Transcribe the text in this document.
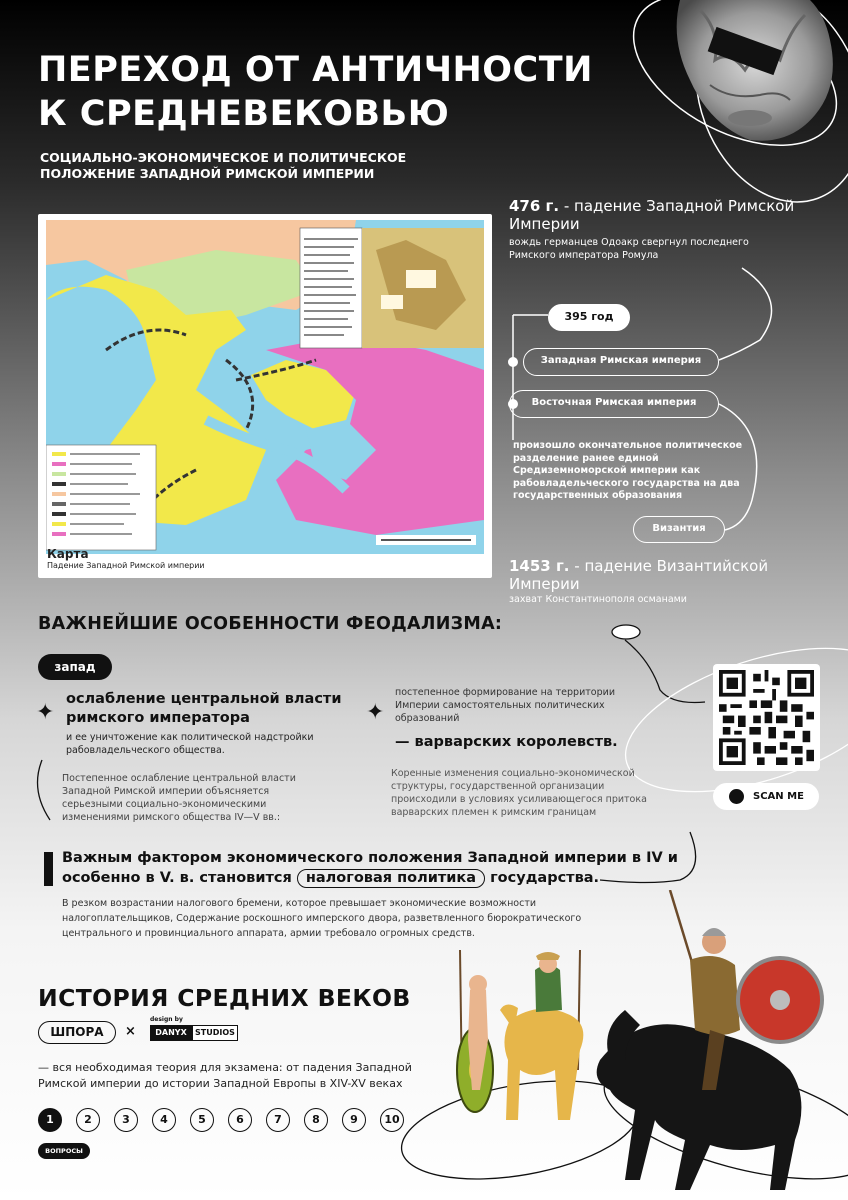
ПЕРЕХОД ОТ АНТИЧНОСТИ
К СРЕДНЕВЕКОВЬЮ
СОЦИАЛЬНО-ЭКОНОМИЧЕСКОЕ И ПОЛИТИЧЕСКОЕ
ПОЛОЖЕНИЕ ЗАПАДНОЙ РИМСКОЙ ИМПЕРИИ
Карта
Падение Западной Римской империи
476 г. - падение Западной Римской Империи
вождь германцев Одоакр свергнул последнего Римского императора Ромула
395 год
Западная Римская империя
Восточная Римская империя
произошло окончательное политическое разделение ранее единой Средиземноморской империи как рабовладельческого государства на два государственных образования
Византия
1453 г. - падение Византийской Империи
захват Константинополя османами
ВАЖНЕЙШИЕ ОСОБЕННОСТИ ФЕОДАЛИЗМА:
запад
✦
ослабление центральной власти римского императора
и ее уничтожение как политической надстройки рабовладельческого общества.
Постепенное ослабление центральной власти Западной Римской империи объясняется серьезными социально-экономическими изменениями римского общества IV—V вв.:
✦
постепенное формирование на территории Империи самостоятельных политических образований
— варварских королевств.
Коренные изменения социально-экономической структуры, государственной организации происходили в условиях усиливающегося притока варварских племен к римским границам
SCAN ME
Важным фактором экономического положения Западной империи в IV и особенно в V. в. становится налоговая политика государства.
В резком возрастании налогового бремени, которое превышает экономические возможности налогоплательщиков, Содержание роскошного имперского двора, разветвленного бюрократического центрального и провинциального аппарата, армии требовало огромных средств.
ИСТОРИЯ СРЕДНИХ ВЕКОВ
ШПОРА	×
design by
DANYX	STUDIOS
— вся необходимая теория для экзамена: от падения Западной Римской империи до истории Западной Европы в XIV-XV веках
1	2	3	4	5	6	7	8	9	10
ВОПРОСЫ
